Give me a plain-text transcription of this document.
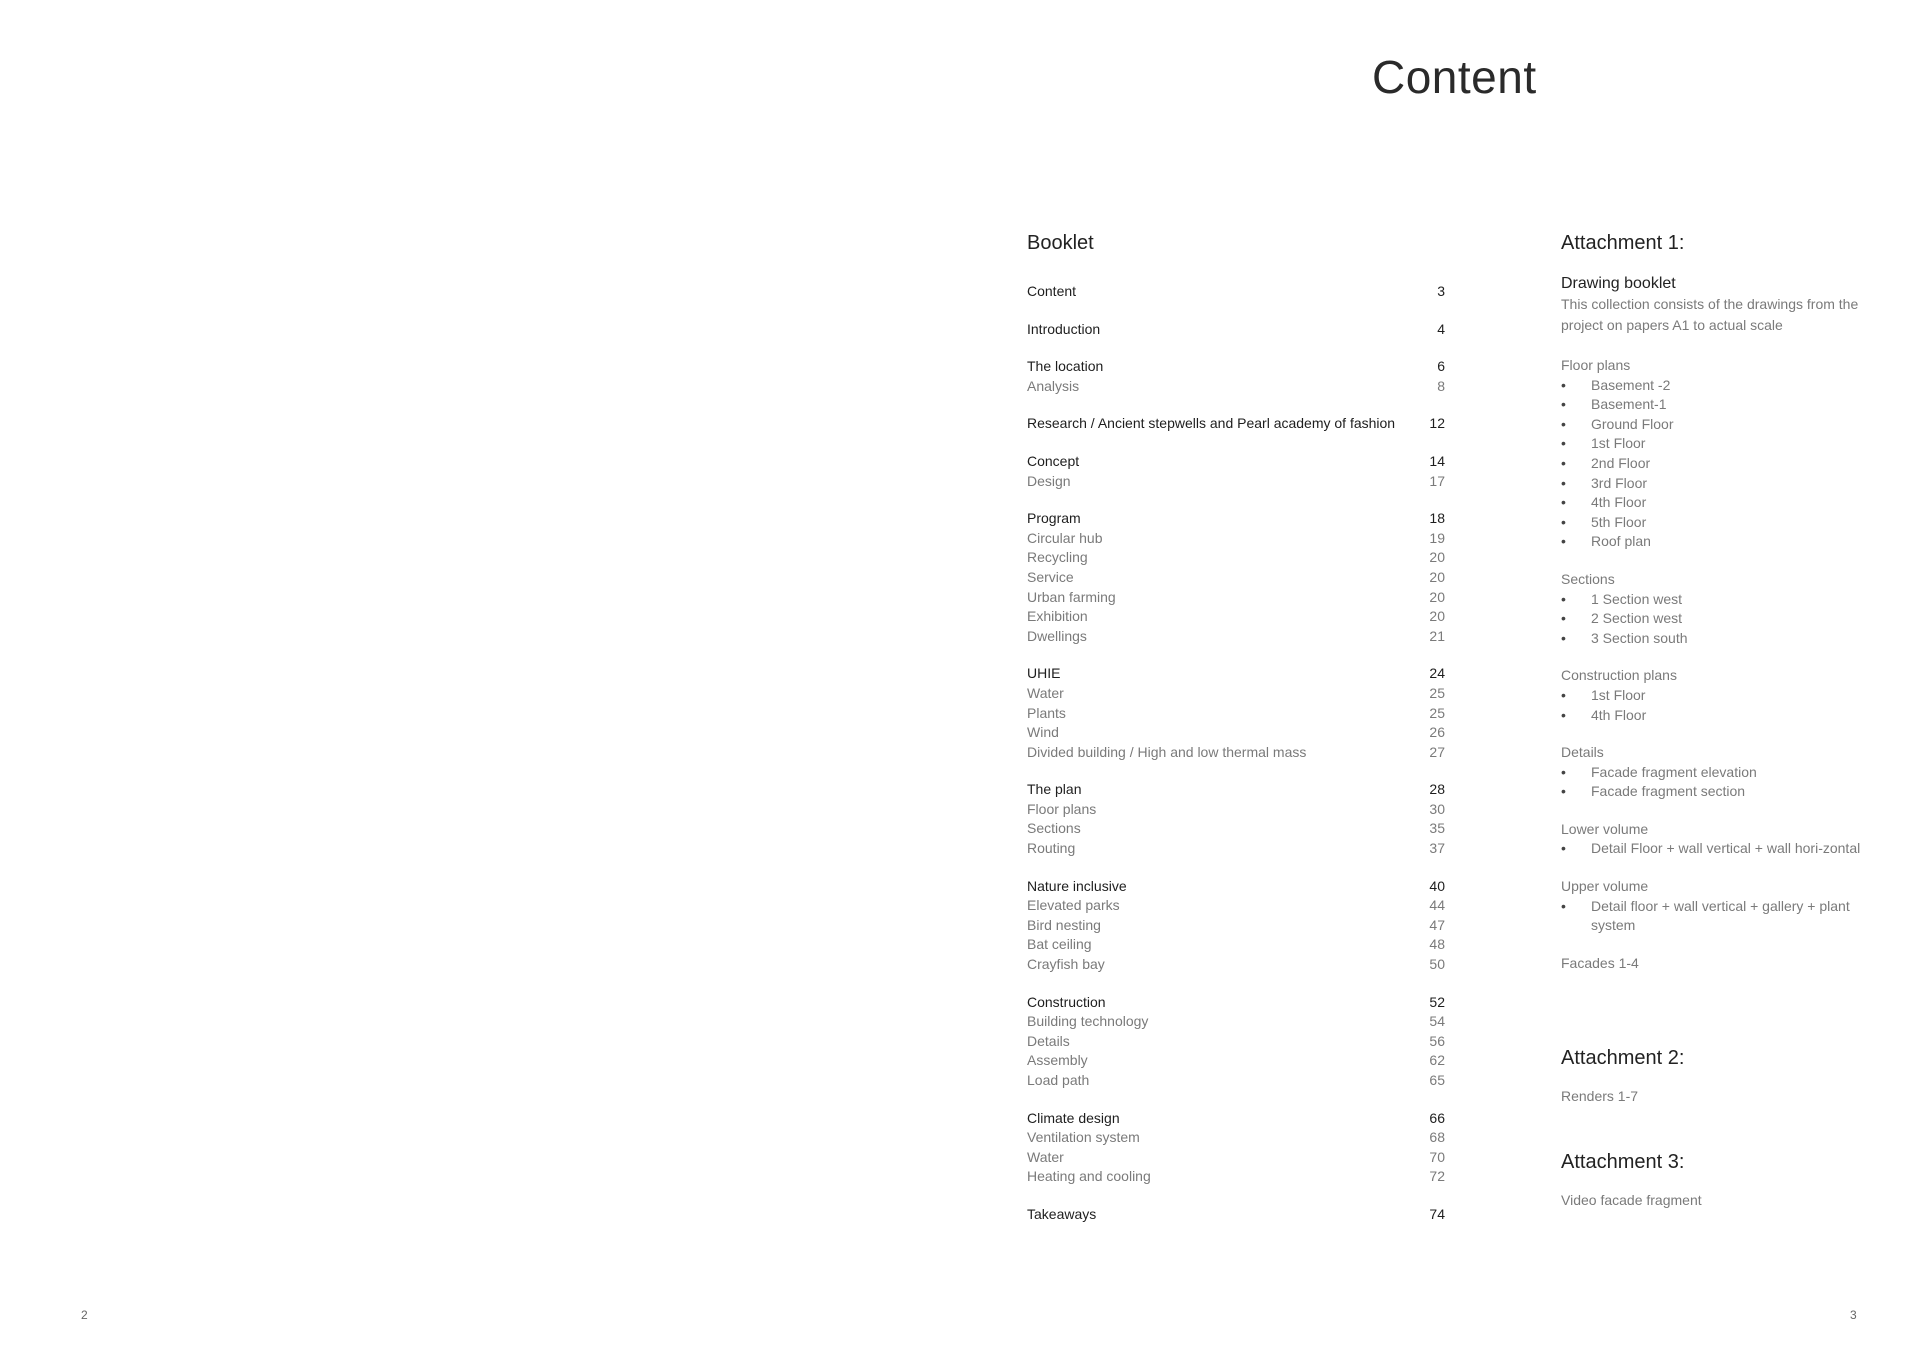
Content
Booklet
Content	3
Introduction	4
The location	6
Analysis	8
Research / Ancient stepwells and Pearl academy of fashion	12
Concept	14
Design	17
Program	18
Circular hub	19
Recycling	20
Service	20
Urban farming	20
Exhibition	20
Dwellings	21
UHIE	24
Water	25
Plants	25
Wind	26
Divided building / High and low thermal mass	27
The plan	28
Floor plans	30
Sections	35
Routing	37
Nature inclusive	40
Elevated parks	44
Bird nesting	47
Bat ceiling	48
Crayfish bay	50
Construction	52
Building technology	54
Details	56
Assembly	62
Load path	65
Climate design	66
Ventilation system	68
Water	70
Heating and cooling	72
Takeaways	74
Attachment 1:
Drawing booklet
This collection consists of the drawings from the project on papers A1 to actual scale
Floor plans
• Basement -2
• Basement-1
• Ground Floor
• 1st Floor
• 2nd Floor
• 3rd Floor
• 4th Floor
• 5th Floor
• Roof plan
Sections
• 1 Section west
• 2 Section west
• 3 Section south
Construction plans
• 1st Floor
• 4th Floor
Details
• Facade fragment elevation
• Facade fragment section
Lower volume
• Detail Floor + wall vertical + wall hori-zontal
Upper volume
• Detail floor + wall vertical + gallery + plant system
Facades 1-4
Attachment 2:
Renders 1-7
Attachment 3:
Video facade fragment
2	3
